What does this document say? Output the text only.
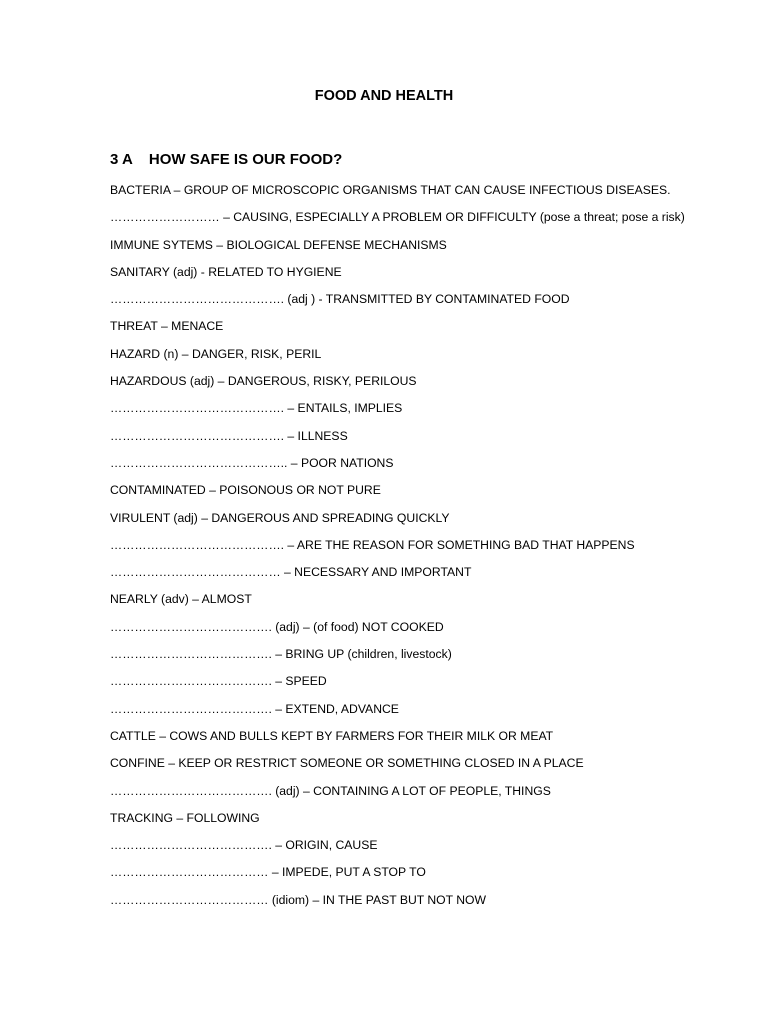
FOOD AND HEALTH
3 A    HOW SAFE IS OUR FOOD?
BACTERIA – GROUP OF MICROSCOPIC ORGANISMS THAT CAN CAUSE INFECTIOUS DISEASES.
……………………… – CAUSING, ESPECIALLY A PROBLEM OR DIFFICULTY (pose a threat; pose a risk)
IMMUNE SYTEMS – BIOLOGICAL DEFENSE MECHANISMS
SANITARY (adj) - RELATED TO HYGIENE
……………………………………. (adj ) - TRANSMITTED BY CONTAMINATED FOOD
THREAT – MENACE
HAZARD (n) – DANGER, RISK, PERIL
HAZARDOUS (adj) – DANGEROUS, RISKY, PERILOUS
……………………………………. – ENTAILS, IMPLIES
……………………………………. – ILLNESS
…………………………………….. – POOR NATIONS
CONTAMINATED – POISONOUS OR NOT PURE
VIRULENT (adj) – DANGEROUS AND SPREADING QUICKLY
……………………………………. – ARE THE REASON FOR SOMETHING BAD THAT HAPPENS
…………………………………… – NECESSARY AND IMPORTANT
NEARLY (adv) – ALMOST
…………………………………. (adj) – (of food) NOT COOKED
…………………………………. – BRING UP (children, livestock)
…………………………………. – SPEED
…………………………………. – EXTEND, ADVANCE
CATTLE – COWS AND BULLS KEPT BY FARMERS FOR THEIR MILK OR MEAT
CONFINE – KEEP OR RESTRICT SOMEONE OR SOMETHING CLOSED IN A PLACE
…………………………………. (adj) – CONTAINING A LOT OF PEOPLE, THINGS
TRACKING – FOLLOWING
…………………………………. – ORIGIN, CAUSE
………………………………… – IMPEDE, PUT A STOP TO
………………………………… (idiom) – IN THE PAST BUT NOT NOW
